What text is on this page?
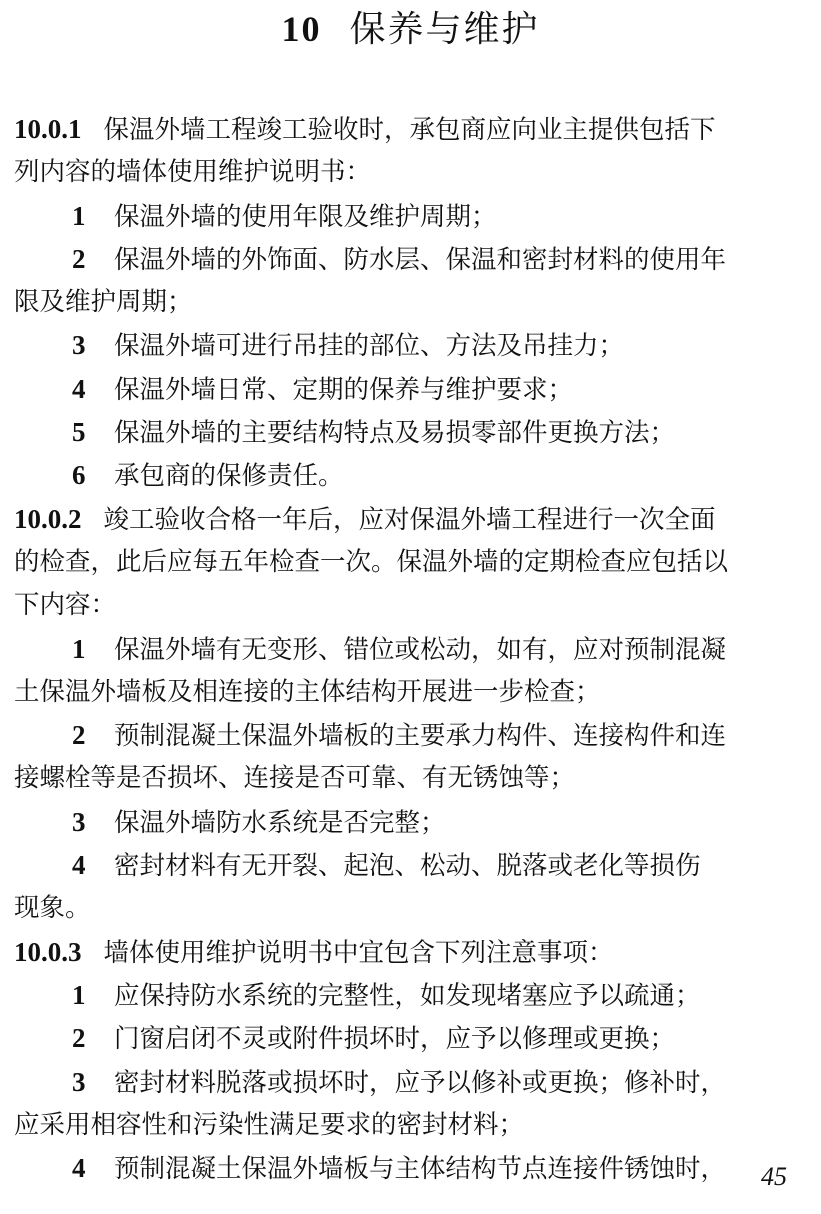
10 保养与维护
10.0.1 保温外墙工程竣工验收时，承包商应向业主提供包括下
列内容的墙体使用维护说明书：
1 保温外墙的使用年限及维护周期；
2 保温外墙的外饰面、防水层、保温和密封材料的使用年
限及维护周期；
3 保温外墙可进行吊挂的部位、方法及吊挂力；
4 保温外墙日常、定期的保养与维护要求；
5 保温外墙的主要结构特点及易损零部件更换方法；
6 承包商的保修责任。
10.0.2 竣工验收合格一年后，应对保温外墙工程进行一次全面
的检查，此后应每五年检查一次。保温外墙的定期检查应包括以
下内容：
1 保温外墙有无变形、错位或松动，如有，应对预制混凝
土保温外墙板及相连接的主体结构开展进一步检查；
2 预制混凝土保温外墙板的主要承力构件、连接构件和连
接螺栓等是否损坏、连接是否可靠、有无锈蚀等；
3 保温外墙防水系统是否完整；
4 密封材料有无开裂、起泡、松动、脱落或老化等损伤
现象。
10.0.3 墙体使用维护说明书中宜包含下列注意事项：
1 应保持防水系统的完整性，如发现堵塞应予以疏通；
2 门窗启闭不灵或附件损坏时，应予以修理或更换；
3 密封材料脱落或损坏时，应予以修补或更换；修补时，
应采用相容性和污染性满足要求的密封材料；
4 预制混凝土保温外墙板与主体结构节点连接件锈蚀时，	45
